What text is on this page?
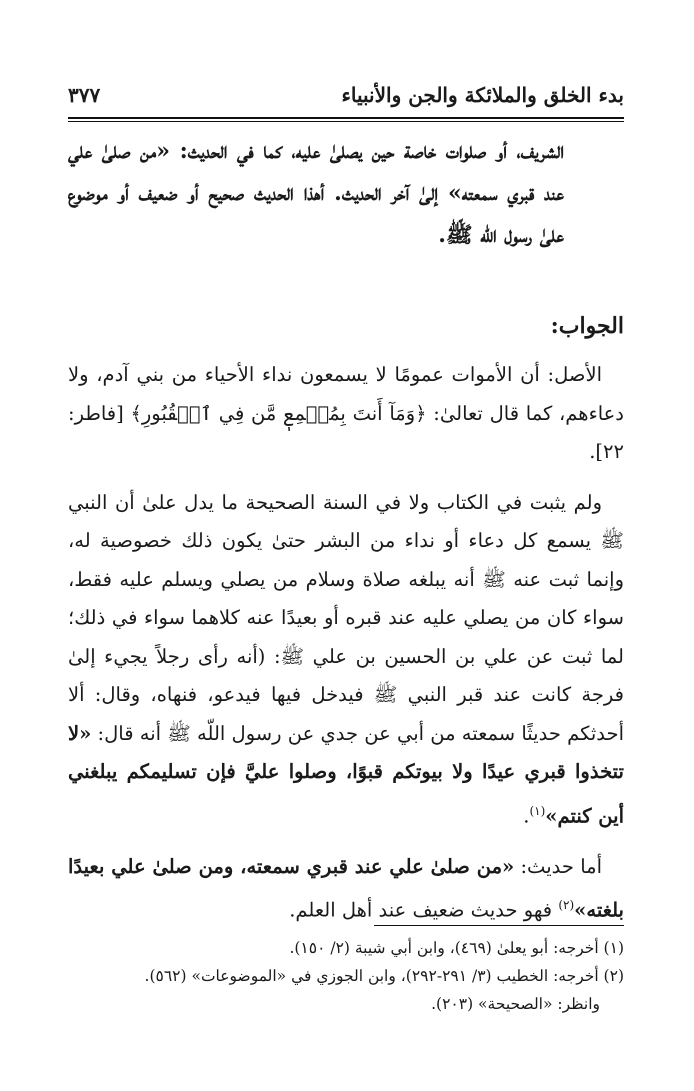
بدء الخلق والملائكة والجن والأنبياء
٣٧٧
الشريف، أو صلوات خاصة حين يصلىٰ عليه، كما في الحديث: «من صلىٰ علي عند قبري سمعته» إلىٰ آخر الحديث. أهذا الحديث صحيح أو ضعيف أو موضوع علىٰ رسول اللّه ﷺ.
الجواب:

الأصل: أن الأموات عمومًا لا يسمعون نداء الأحياء من بني آدم، ولا دعاءهم، كما قال تعالىٰ: ﴿وَمَآ أَنتَ بِمُسۡمِعٖ مَّن فِي ٱلۡقُبُورِ﴾ [فاطر: ٢٢].

ولم يثبت في الكتاب ولا في السنة الصحيحة ما يدل علىٰ أن النبي ﷺ يسمع كل دعاء أو نداء من البشر حتىٰ يكون ذلك خصوصية له، وإنما ثبت عنه ﷺ أنه يبلغه صلاة وسلام من يصلي ويسلم عليه فقط، سواء كان من يصلي عليه عند قبره أو بعيدًا عنه كلاهما سواء في ذلك؛ لما ثبت عن علي بن الحسين بن علي ﷺ: (أنه رأى رجلاً يجيء إلىٰ فرجة كانت عند قبر النبي ﷺ فيدخل فيها فيدعو، فنهاه، وقال: ألا أحدثكم حديثًا سمعته من أبي عن جدي عن رسول اللّه ﷺ أنه قال: «لا تتخذوا قبري عيدًا ولا بيوتكم قبوًا، وصلوا عليَّ فإن تسليمكم يبلغني أين كنتم»$^{(١)}$.

أما حديث: «من صلىٰ علي عند قبري سمعته، ومن صلىٰ علي بعيدًا بلغته»$^{(٢)}$ فهو حديث ضعيف عند أهل العلم.

(١) أخرجه: أبو يعلىٰ (٤٦٩)، وابن أبي شيبة (٢/ ١٥٠).
(٢) أخرجه: الخطيب (٣/ ٢٩١-٢٩٢)، وابن الجوزي في «الموضوعات» (٥٦٢).
وانظر: «الصحيحة» (٢٠٣).
